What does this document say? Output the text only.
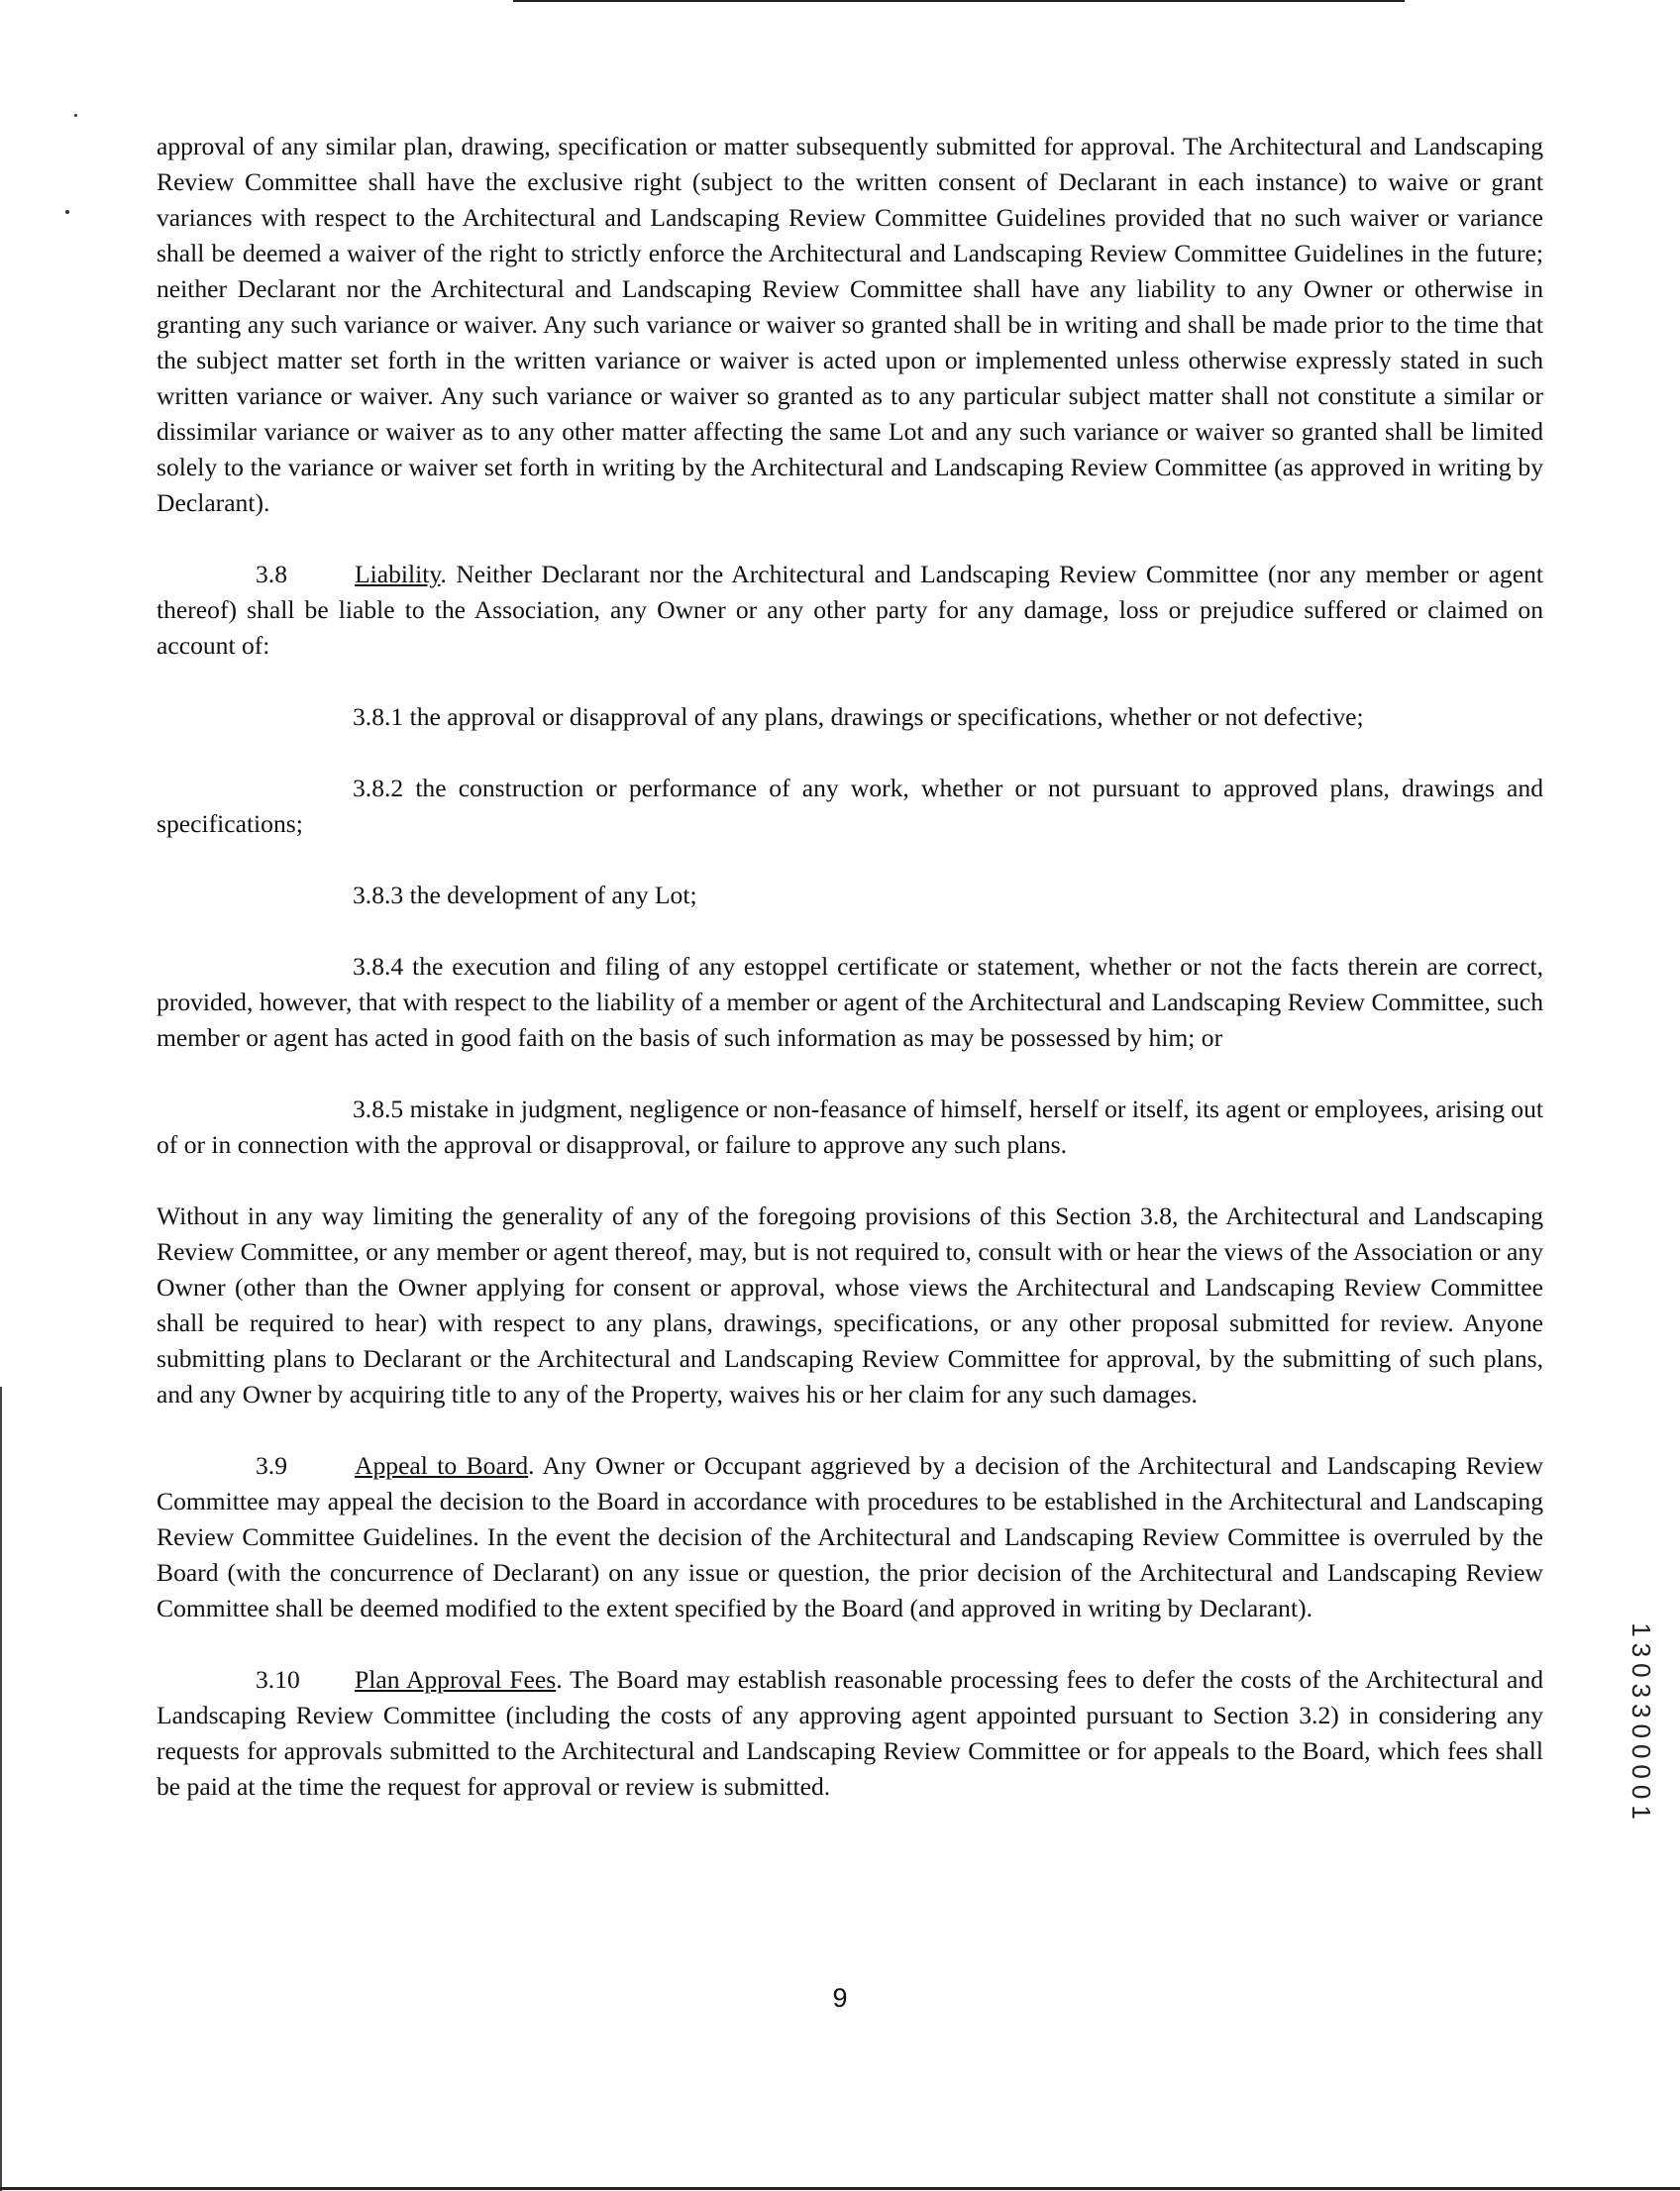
approval of any similar plan, drawing, specification or matter subsequently submitted for approval. The Architectural and Landscaping Review Committee shall have the exclusive right (subject to the written consent of Declarant in each instance) to waive or grant variances with respect to the Architectural and Landscaping Review Committee Guidelines provided that no such waiver or variance shall be deemed a waiver of the right to strictly enforce the Architectural and Landscaping Review Committee Guidelines in the future; neither Declarant nor the Architectural and Landscaping Review Committee shall have any liability to any Owner or otherwise in granting any such variance or waiver. Any such variance or waiver so granted shall be in writing and shall be made prior to the time that the subject matter set forth in the written variance or waiver is acted upon or implemented unless otherwise expressly stated in such written variance or waiver. Any such variance or waiver so granted as to any particular subject matter shall not constitute a similar or dissimilar variance or waiver as to any other matter affecting the same Lot and any such variance or waiver so granted shall be limited solely to the variance or waiver set forth in writing by the Architectural and Landscaping Review Committee (as approved in writing by Declarant).

3.8	Liability. Neither Declarant nor the Architectural and Landscaping Review Committee (nor any member or agent thereof) shall be liable to the Association, any Owner or any other party for any damage, loss or prejudice suffered or claimed on account of:

3.8.1 the approval or disapproval of any plans, drawings or specifications, whether or not defective;

3.8.2 the construction or performance of any work, whether or not pursuant to approved plans, drawings and specifications;

3.8.3 the development of any Lot;

3.8.4 the execution and filing of any estoppel certificate or statement, whether or not the facts therein are correct, provided, however, that with respect to the liability of a member or agent of the Architectural and Landscaping Review Committee, such member or agent has acted in good faith on the basis of such information as may be possessed by him; or

3.8.5 mistake in judgment, negligence or non-feasance of himself, herself or itself, its agent or employees, arising out of or in connection with the approval or disapproval, or failure to approve any such plans.

Without in any way limiting the generality of any of the foregoing provisions of this Section 3.8, the Architectural and Landscaping Review Committee, or any member or agent thereof, may, but is not required to, consult with or hear the views of the Association or any Owner (other than the Owner applying for consent or approval, whose views the Architectural and Landscaping Review Committee shall be required to hear) with respect to any plans, drawings, specifications, or any other proposal submitted for review. Anyone submitting plans to Declarant or the Architectural and Landscaping Review Committee for approval, by the submitting of such plans, and any Owner by acquiring title to any of the Property, waives his or her claim for any such damages.

3.9	Appeal to Board. Any Owner or Occupant aggrieved by a decision of the Architectural and Landscaping Review Committee may appeal the decision to the Board in accordance with procedures to be established in the Architectural and Landscaping Review Committee Guidelines. In the event the decision of the Architectural and Landscaping Review Committee is overruled by the Board (with the concurrence of Declarant) on any issue or question, the prior decision of the Architectural and Landscaping Review Committee shall be deemed modified to the extent specified by the Board (and approved in writing by Declarant).

3.10 Plan Approval Fees. The Board may establish reasonable processing fees to defer the costs of the Architectural and Landscaping Review Committee (including the costs of any approving agent appointed pursuant to Section 3.2) in considering any requests for approvals submitted to the Architectural and Landscaping Review Committee or for appeals to the Board, which fees shall be paid at the time the request for approval or review is submitted.

9
1303300001
